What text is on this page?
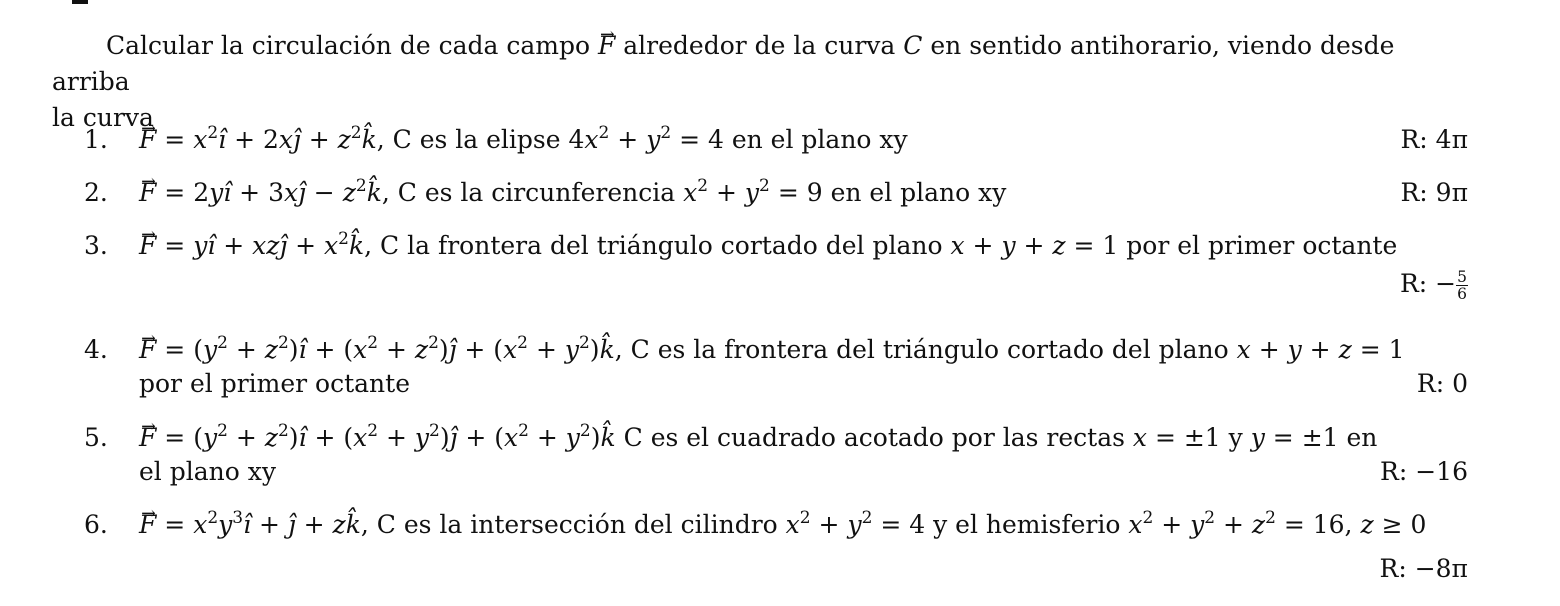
Calcular la circulación de cada campo → F alrededor de la curva C en sentido antihorario, viendo desde arriba
la curva
1. → $F = x^2î$ + 2xĵ + $z^2k̂$, C es la elipse $4x^2 + y^2 = 4$ en el plano xy	R: 4π
2. → F = 2yî + 3xĵ − $z^2k̂$, C es la circunferencia $x^2 + y^2 = 9$ en el plano xy	R: 9π
3. → F = yî + xzĵ + $x^2k̂$, C la frontera del triángulo cortado del plano x + y + z = 1 por el primer octante
R: − $\frac{5}{6}$
4. → $F = (y^2$ + $z^2)î + (x^2$ + $z^2)ĵ + (x^2$ + $y^2)k̂$, C es la frontera del triángulo cortado del plano x + y + z = 1
por el primer octante	R: 0
5. → $F = (y^2$ + $z^2)î + (x^2$ + $y^2)ĵ + (x^2$ + $y^2)k̂$ C es el cuadrado acotado por las rectas x = ±1 y y = ±1 en
el plano xy	R: −16
6. → $F = x^2y^3î$ + ĵ + zk̂, C es la intersección del cilindro $x^2 + y^2 = 4$ y el hemisferio $x^2 + y^2 + z^2 = 16$, z ≥ 0
R: −8π
